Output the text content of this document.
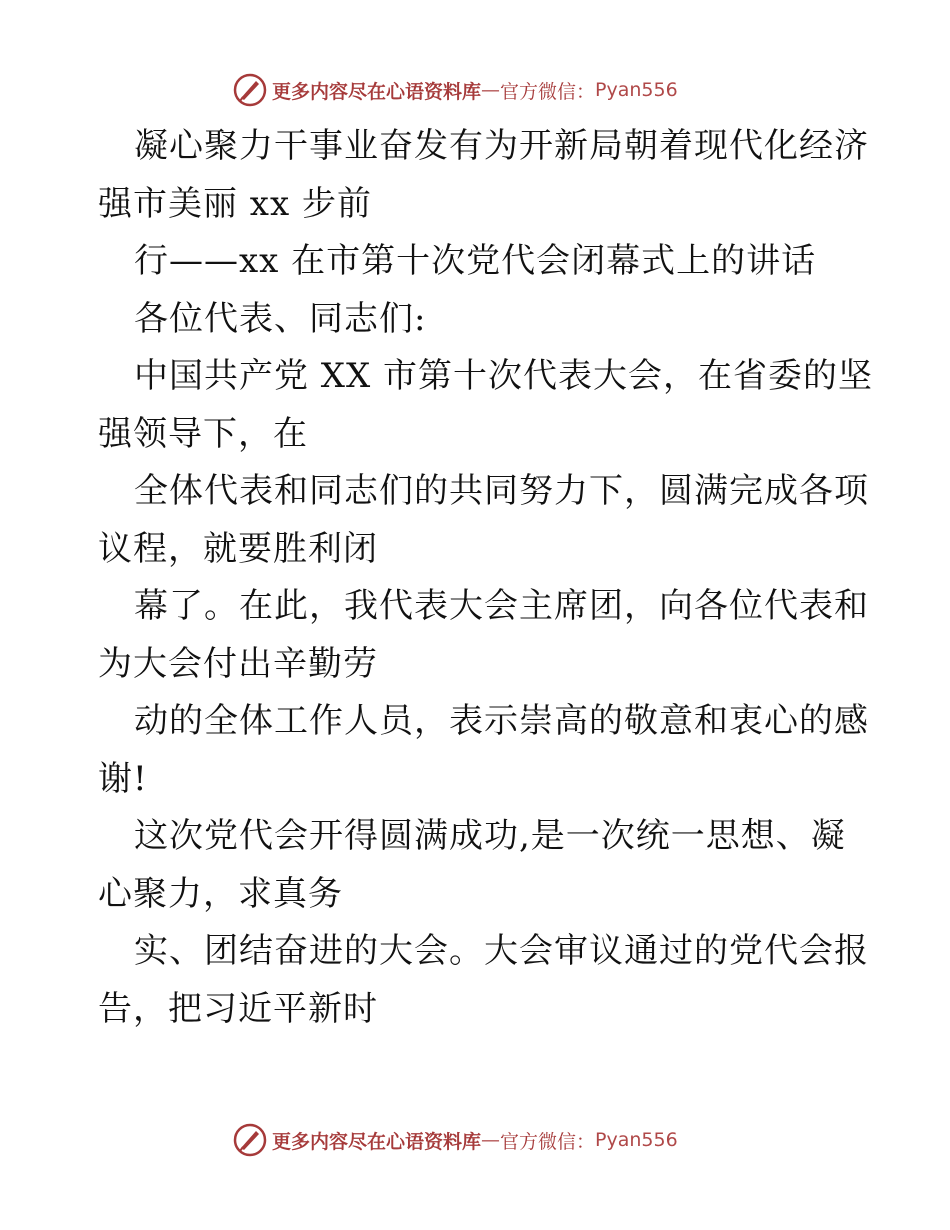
更多内容尽在心语资料库 — 官方微信： Pyan556
凝心聚力干事业奋发有为开新局朝着现代化经济
强市美丽 xx 步前
行——xx 在市第十次党代会闭幕式上的讲话
各位代表、同志们:
中国共产党 XX 市第十次代表大会，在省委的坚
强领导下，在
全体代表和同志们的共同努力下，圆满完成各项
议程，就要胜利闭
幕了。在此，我代表大会主席团，向各位代表和
为大会付出辛勤劳
动的全体工作人员，表示崇高的敬意和衷心的感
谢!
这次党代会开得圆满成功,是一次统一思想、凝
心聚力，求真务
实、团结奋进的大会。大会审议通过的党代会报
告，把习近平新时
更多内容尽在心语资料库 — 官方微信： Pyan556
